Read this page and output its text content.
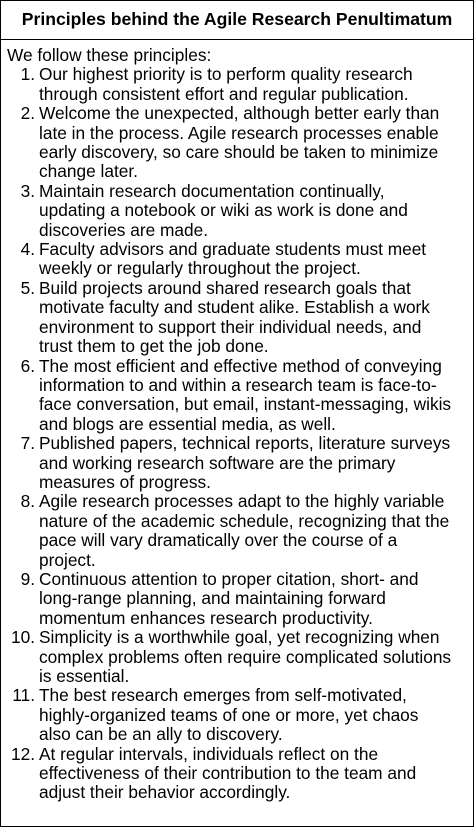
Principles behind the Agile Research Penultimatum

We follow these principles:

1. Our highest priority is to perform quality research
through consistent effort and regular publication.
2. Welcome the unexpected, although better early than
late in the process. Agile research processes enable
early discovery, so care should be taken to minimize
change later.
3. Maintain research documentation continually,
updating a notebook or wiki as work is done and
discoveries are made.
4. Faculty advisors and graduate students must meet
weekly or regularly throughout the project.
5. Build projects around shared research goals that
motivate faculty and student alike. Establish a work
environment to support their individual needs, and
trust them to get the job done.
6. The most efficient and effective method of conveying
information to and within a research team is face-to-
face conversation, but email, instant-messaging, wikis
and blogs are essential media, as well.
7. Published papers, technical reports, literature surveys
and working research software are the primary
measures of progress.
8. Agile research processes adapt to the highly variable
nature of the academic schedule, recognizing that the
pace will vary dramatically over the course of a
project.
9. Continuous attention to proper citation, short- and
long-range planning, and maintaining forward
momentum enhances research productivity.
10. Simplicity is a worthwhile goal, yet recognizing when
complex problems often require complicated solutions
is essential.
11. The best research emerges from self-motivated,
highly-organized teams of one or more, yet chaos
also can be an ally to discovery.
12. At regular intervals, individuals reflect on the
effectiveness of their contribution to the team and
adjust their behavior accordingly.
